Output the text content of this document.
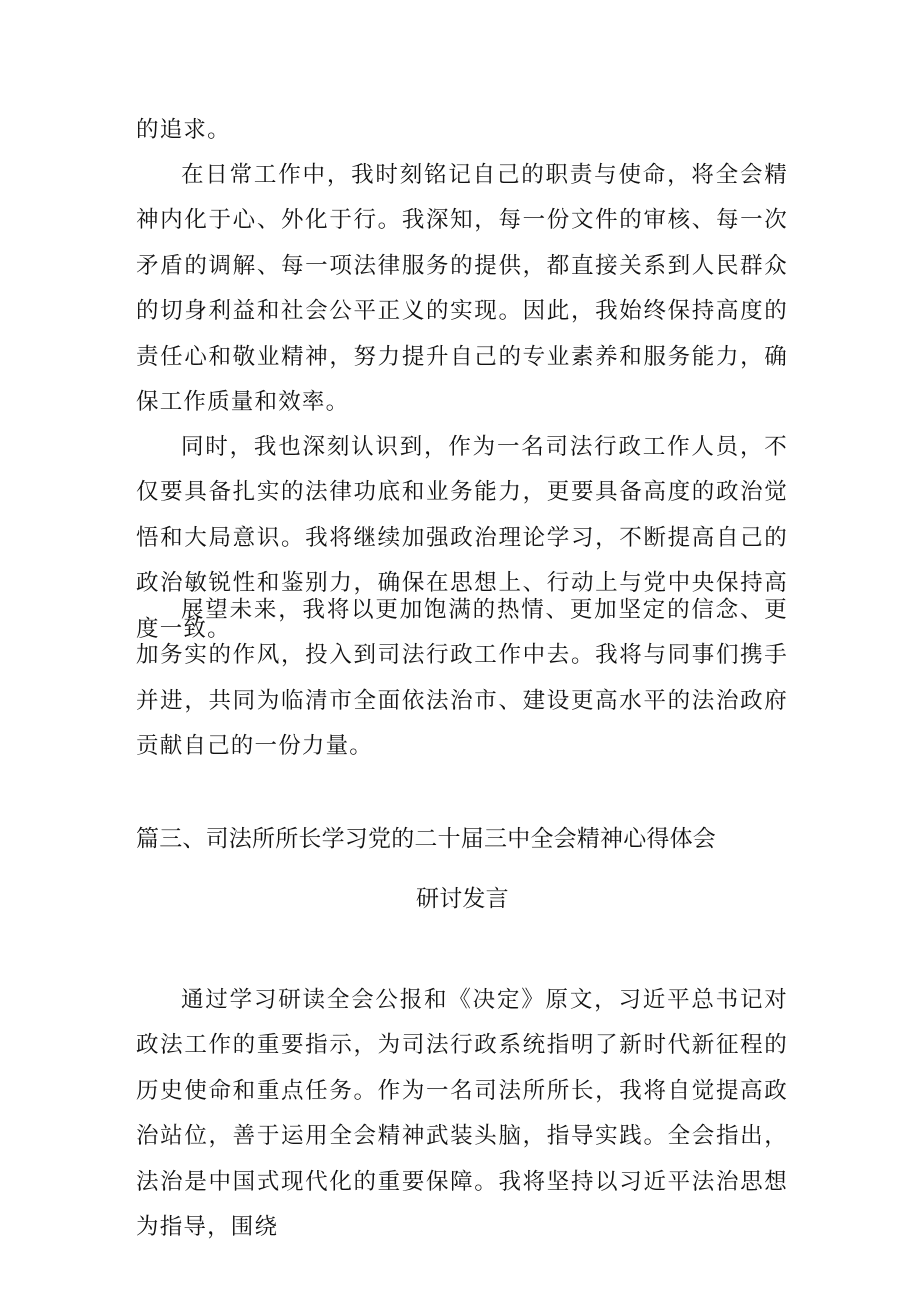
的追求。

在日常工作中，我时刻铭记自己的职责与使命，将全会精神内化于心、外化于行。我深知，每一份文件的审核、每一次矛盾的调解、每一项法律服务的提供，都直接关系到人民群众的切身利益和社会公平正义的实现。因此，我始终保持高度的责任心和敬业精神，努力提升自己的专业素养和服务能力，确保工作质量和效率。

同时，我也深刻认识到，作为一名司法行政工作人员，不仅要具备扎实的法律功底和业务能力，更要具备高度的政治觉悟和大局意识。我将继续加强政治理论学习，不断提高自己的政治敏锐性和鉴别力，确保在思想上、行动上与党中央保持高度一致。

展望未来，我将以更加饱满的热情、更加坚定的信念、更加务实的作风，投入到司法行政工作中去。我将与同事们携手并进，共同为临清市全面依法治市、建设更高水平的法治政府贡献自己的一份力量。

篇三、司法所所长学习党的二十届三中全会精神心得体会
研讨发言

通过学习研读全会公报和《决定》原文，习近平总书记对政法工作的重要指示，为司法行政系统指明了新时代新征程的历史使命和重点任务。作为一名司法所所长，我将自觉提高政治站位，善于运用全会精神武装头脑，指导实践。全会指出，法治是中国式现代化的重要保障。我将坚持以习近平法治思想为指导，围绕
